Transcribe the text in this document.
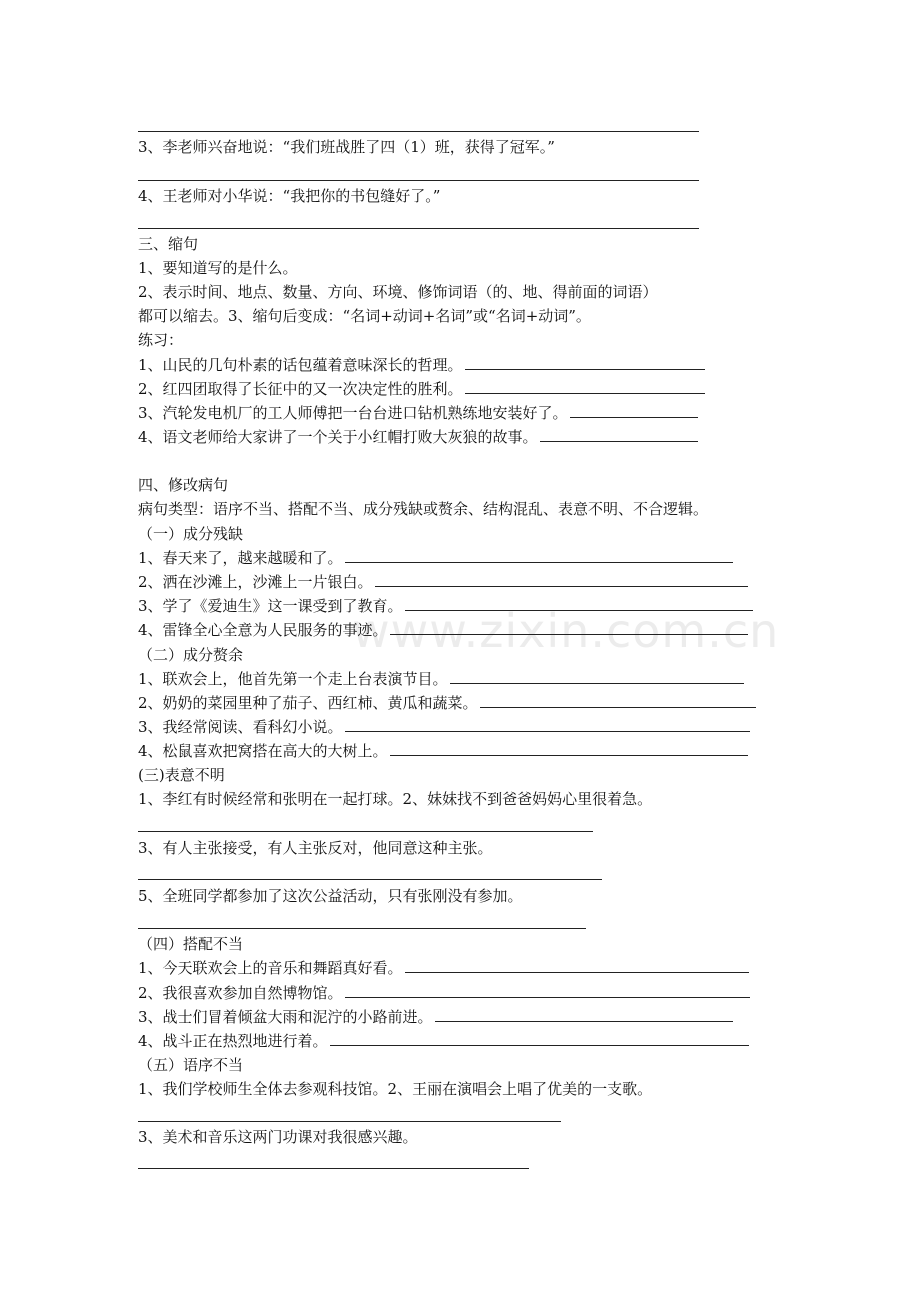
www.zixin.com.cn
3、李老师兴奋地说：“我们班战胜了四（1）班，获得了冠军。”
4、王老师对小华说：“我把你的书包缝好了。”
三、缩句
1、要知道写的是什么。
2、表示时间、地点、数量、方向、环境、修饰词语（的、地、得前面的词语）
都可以缩去。3、缩句后变成：“名词+动词+名词”或“名词+动词”。
练习：
1、山民的几句朴素的话包蕴着意味深长的哲理。
2、红四团取得了长征中的又一次决定性的胜利。
3、汽轮发电机厂的工人师傅把一台台进口钻机熟练地安装好了。
4、语文老师给大家讲了一个关于小红帽打败大灰狼的故事。
四、修改病句
病句类型：语序不当、搭配不当、成分残缺或赘余、结构混乱、表意不明、不合逻辑。
（一）成分残缺
1、春天来了，越来越暖和了。
2、洒在沙滩上，沙滩上一片银白。
3、学了《爱迪生》这一课受到了教育。
4、雷锋全心全意为人民服务的事迹。
（二）成分赘余
1、联欢会上，他首先第一个走上台表演节目。
2、奶奶的菜园里种了茄子、西红柿、黄瓜和蔬菜。
3、我经常阅读、看科幻小说。
4、松鼠喜欢把窝搭在高大的大树上。
(三)表意不明
1、李红有时候经常和张明在一起打球。2、妹妹找不到爸爸妈妈心里很着急。
3、有人主张接受，有人主张反对，他同意这种主张。
5、全班同学都参加了这次公益活动，只有张刚没有参加。
（四）搭配不当
1、今天联欢会上的音乐和舞蹈真好看。
2、我很喜欢参加自然博物馆。
3、战士们冒着倾盆大雨和泥泞的小路前进。
4、战斗正在热烈地进行着。
（五）语序不当
1、我们学校师生全体去参观科技馆。2、王丽在演唱会上唱了优美的一支歌。
3、美术和音乐这两门功课对我很感兴趣。
